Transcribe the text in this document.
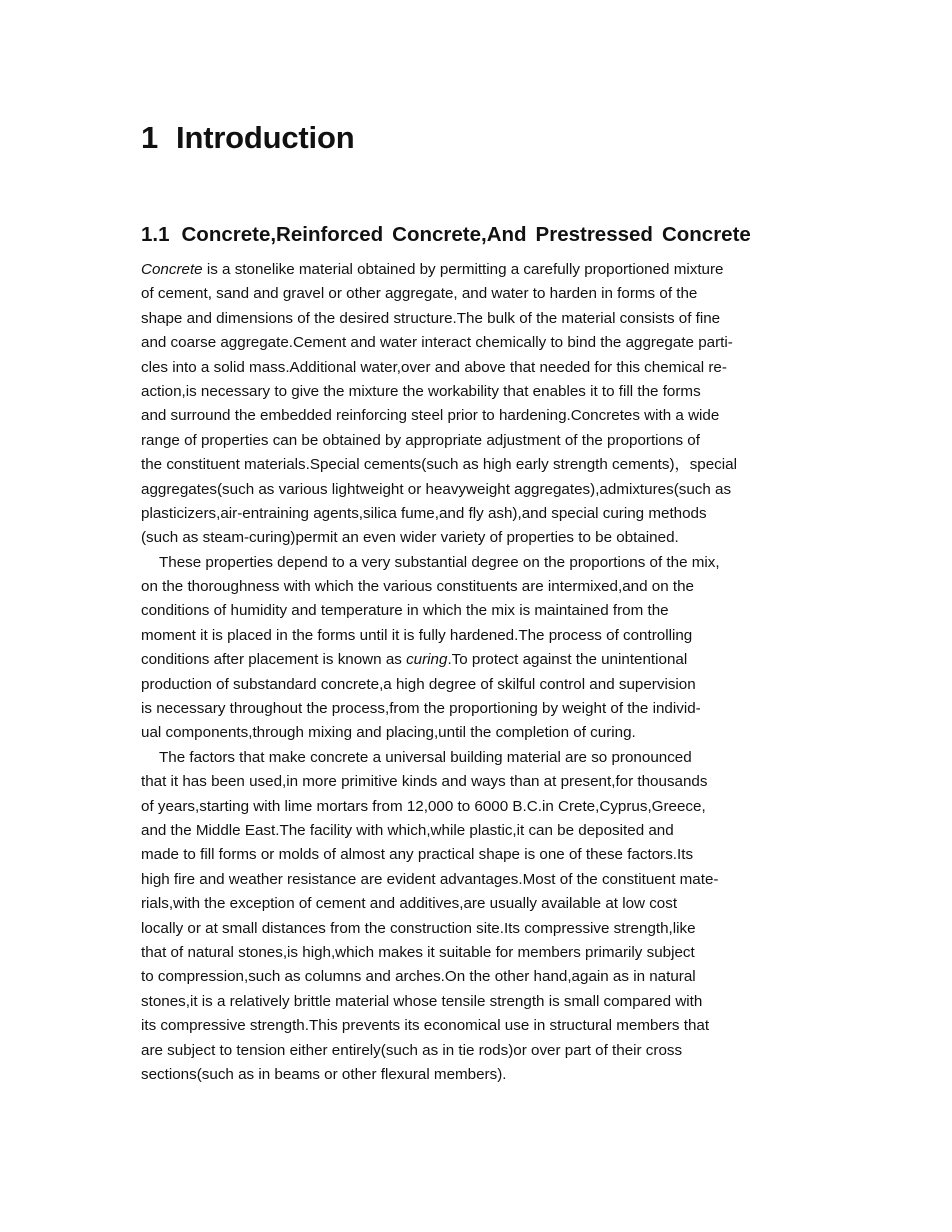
1 Introduction
1.1 Concrete,Reinforced Concrete,And Prestressed Concrete
Concrete is a stonelike material obtained by permitting a carefully proportioned mixture
of cement, sand and gravel or other aggregate, and water to harden in forms of the
shape and dimensions of the desired structure.The bulk of the material consists of fine
and coarse aggregate.Cement and water interact chemically to bind the aggregate parti-
cles into a solid mass.Additional water,over and above that needed for this chemical re-
action,is necessary to give the mixture the workability that enables it to fill the forms
and surround the embedded reinforcing steel prior to hardening.Concretes with a wide
range of properties can be obtained by appropriate adjustment of the proportions of
the constituent materials.Special cements(such as high early strength cements)，special
aggregates(such as various lightweight or heavyweight aggregates),admixtures(such as
plasticizers,air-entraining agents,silica fume,and fly ash),and special curing methods
(such as steam-curing)permit an even wider variety of properties to be obtained.
These properties depend to a very substantial degree on the proportions of the mix,
on the thoroughness with which the various constituents are intermixed,and on the
conditions of humidity and temperature in which the mix is maintained from the
moment it is placed in the forms until it is fully hardened.The process of controlling
conditions after placement is known as curing.To protect against the unintentional
production of substandard concrete,a high degree of skilful control and supervision
is necessary throughout the process,from the proportioning by weight of the individ-
ual components,through mixing and placing,until the completion of curing.
The factors that make concrete a universal building material are so pronounced
that it has been used,in more primitive kinds and ways than at present,for thousands
of years,starting with lime mortars from 12,000 to 6000 B.C.in Crete,Cyprus,Greece,
and the Middle East.The facility with which,while plastic,it can be deposited and
made to fill forms or molds of almost any practical shape is one of these factors.Its
high fire and weather resistance are evident advantages.Most of the constituent mate-
rials,with the exception of cement and additives,are usually available at low cost
locally or at small distances from the construction site.Its compressive strength,like
that of natural stones,is high,which makes it suitable for members primarily subject
to compression,such as columns and arches.On the other hand,again as in natural
stones,it is a relatively brittle material whose tensile strength is small compared with
its compressive strength.This prevents its economical use in structural members that
are subject to tension either entirely(such as in tie rods)or over part of their cross
sections(such as in beams or other flexural members).
